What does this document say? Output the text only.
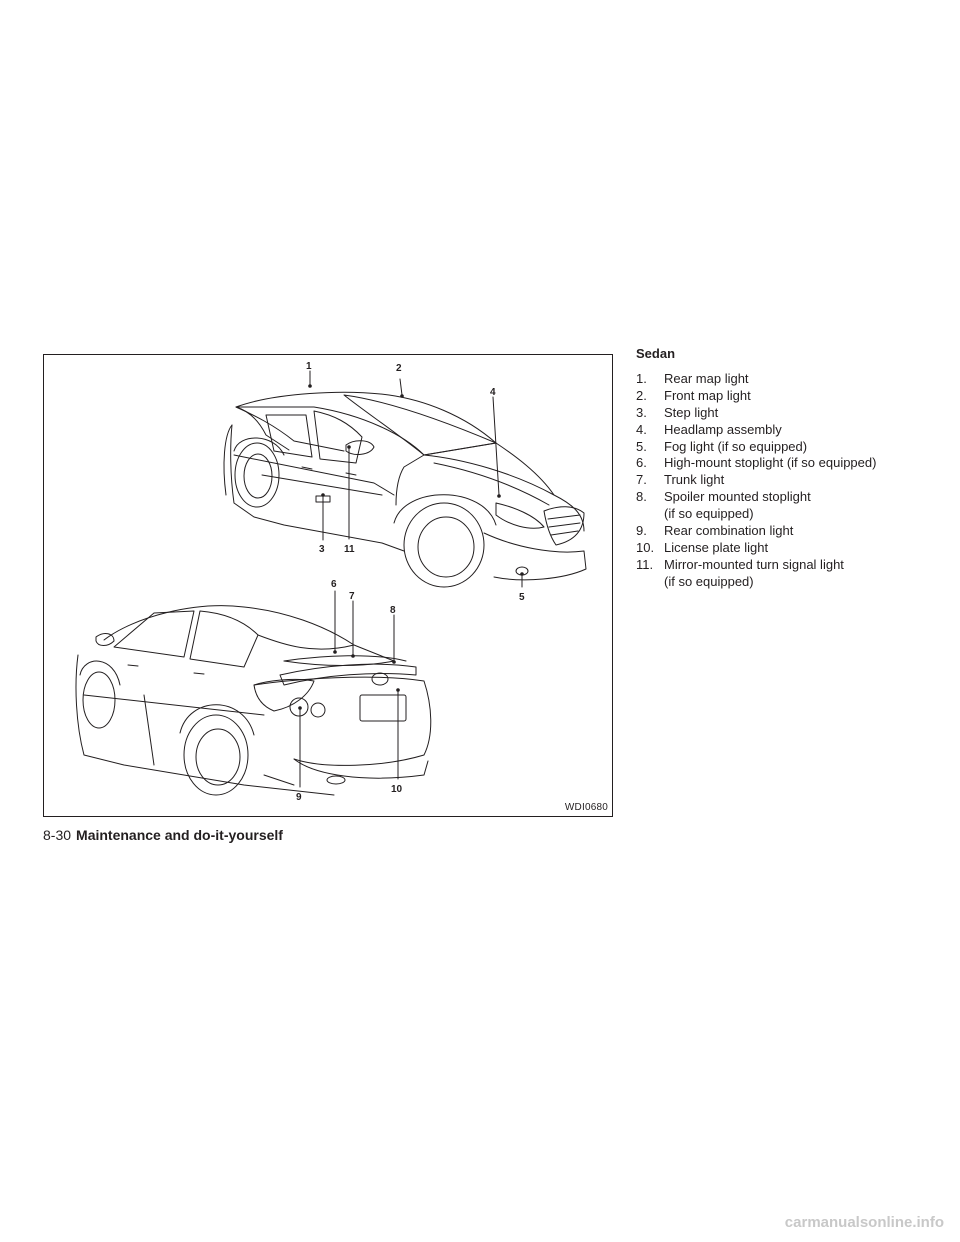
1	2
4
5
3 11
6
7
8
9
10
WDI0680
Sedan
1.	Rear map light
2.	Front map light
3.	Step light
4.	Headlamp assembly
5.	Fog light (if so equipped)
6.	High-mount stoplight (if so equipped)
7.	Trunk light
8.	Spoiler mounted stoplight
(if so equipped)
9.	Rear combination light
10. License plate light
11. Mirror-mounted turn signal light
(if so equipped)
8-30 Maintenance and do-it-yourself
carmanualsonline.info
